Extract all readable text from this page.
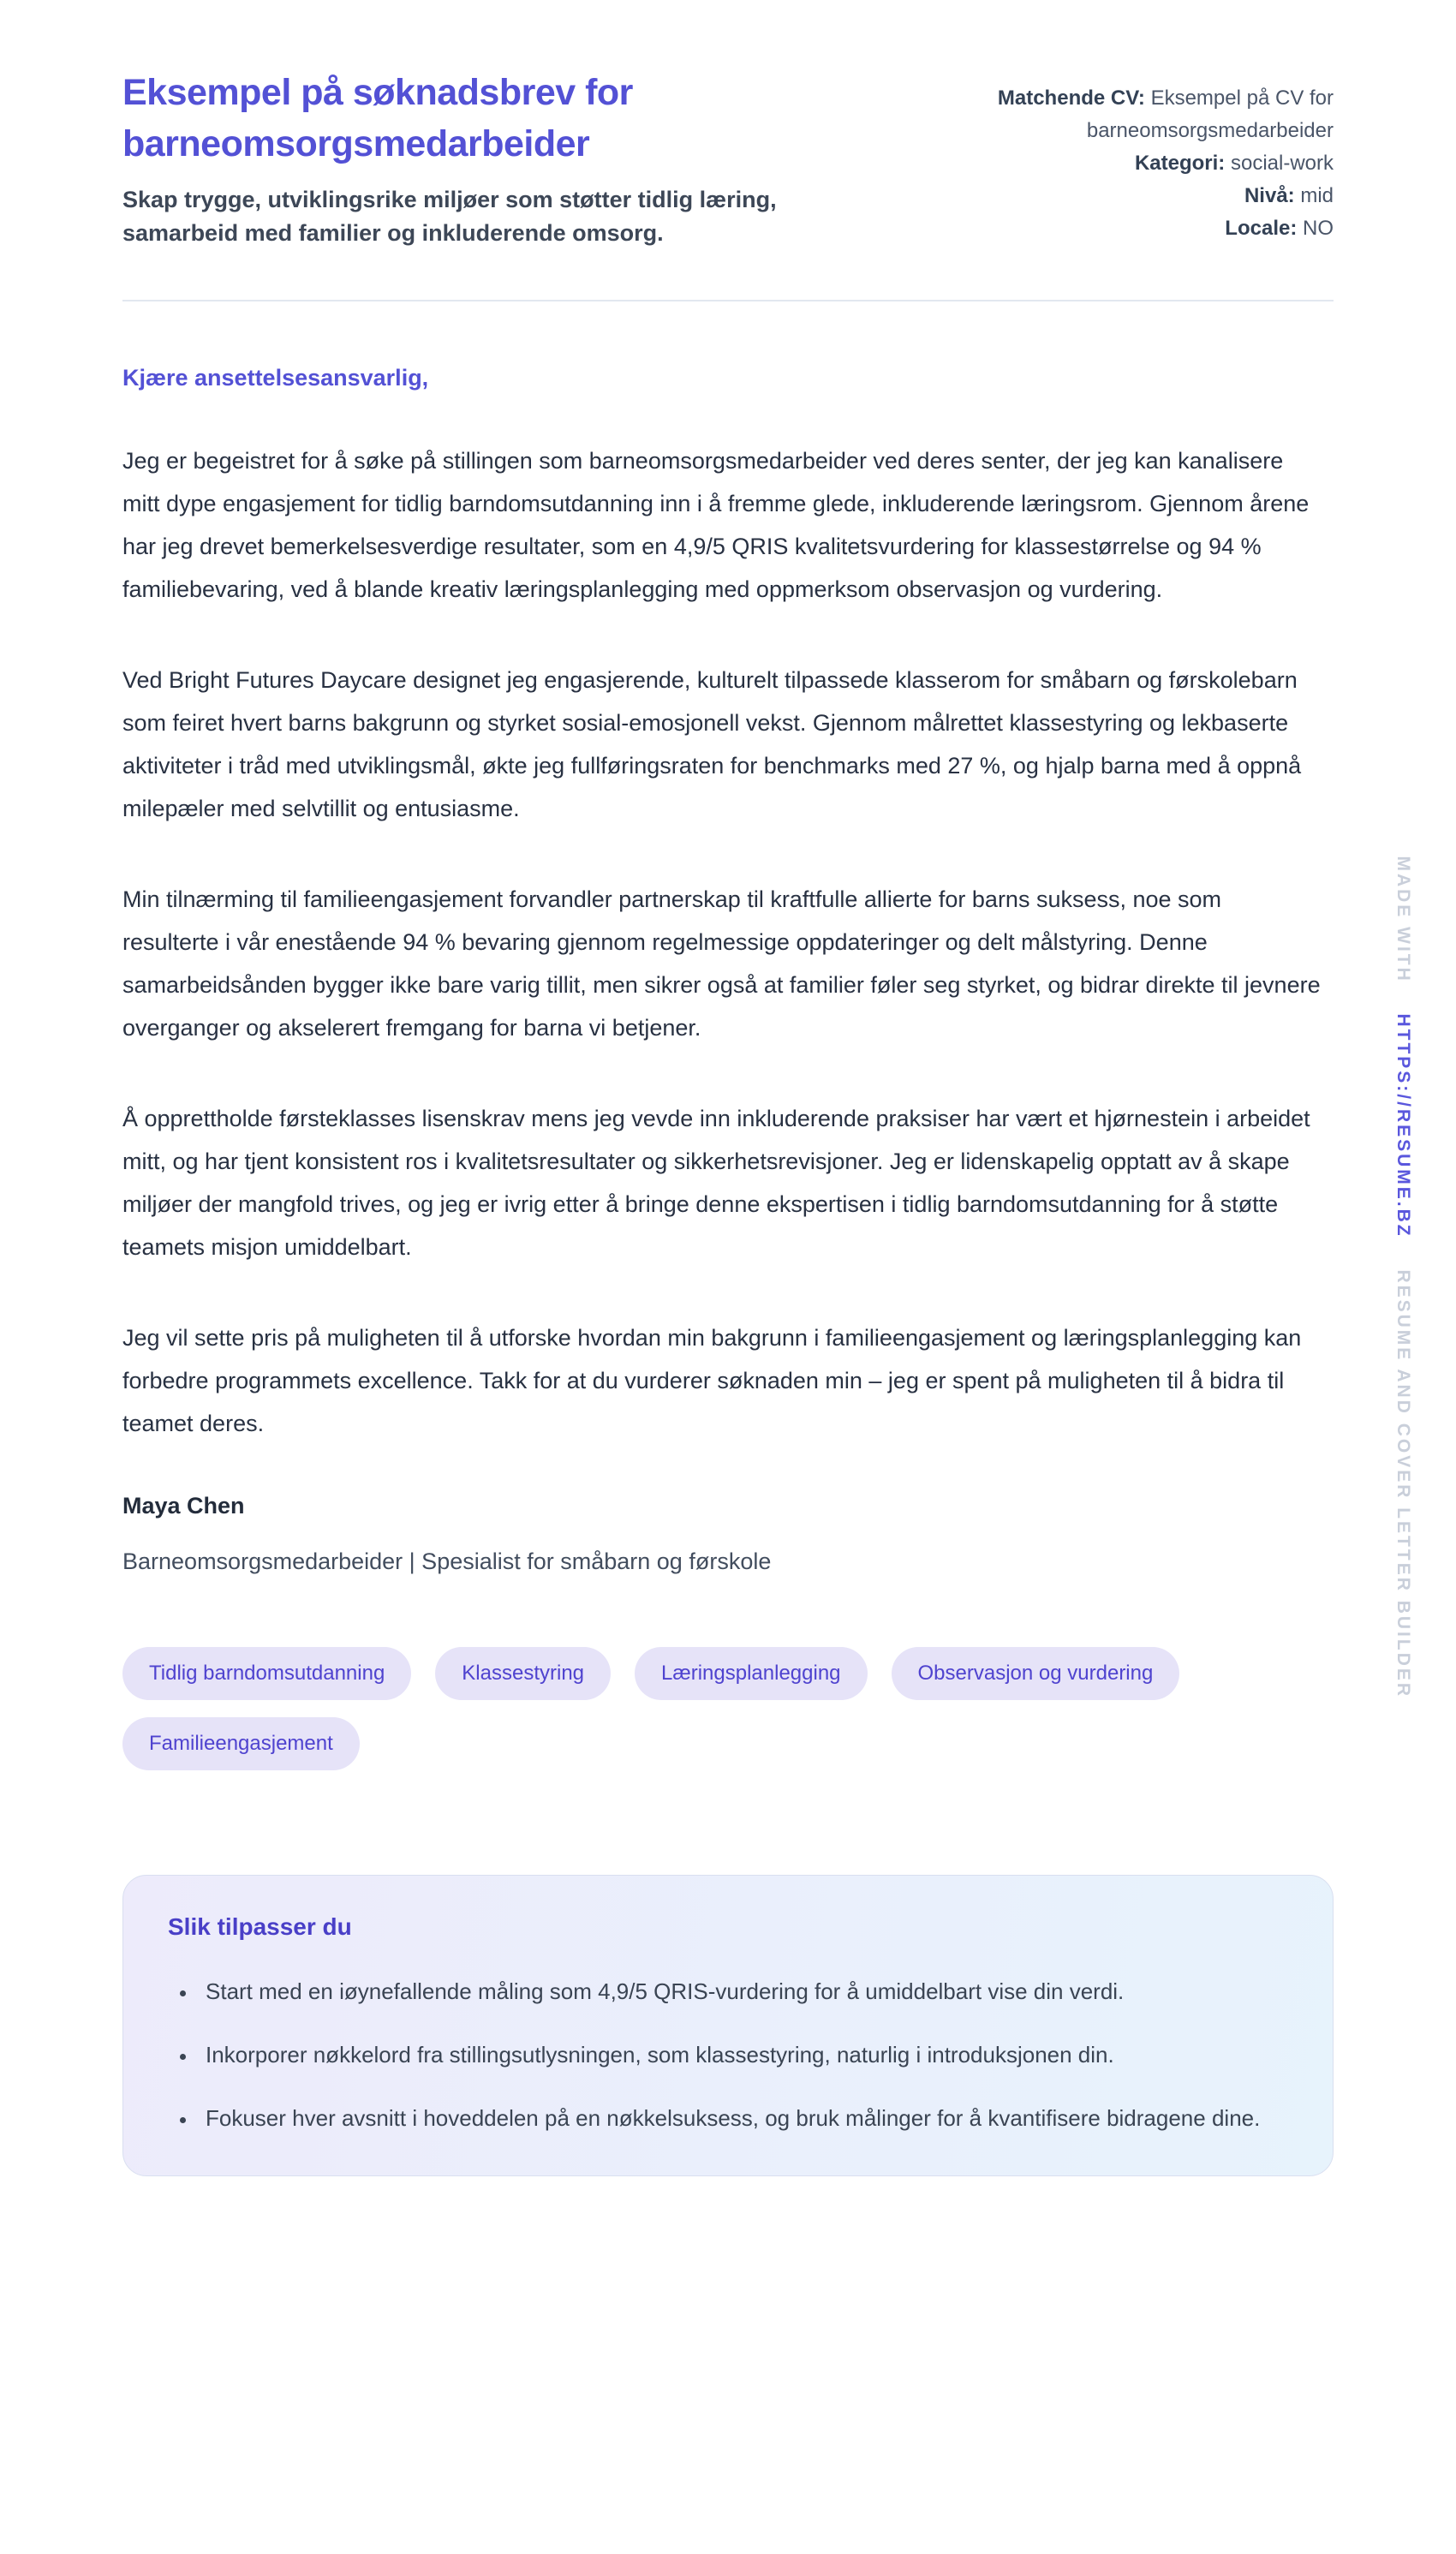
MADE WITH
HTTPS://RESUME.BZ
RESUME AND COVER LETTER BUILDER
Eksempel på søknadsbrev for barneomsorgsmedarbeider

Skap trygge, utviklingsrike miljøer som støtter tidlig læring, samarbeid med familier og inkluderende omsorg.

Matchende CV: Eksempel på CV for barneomsorgsmedarbeider
Kategori: social-work
Nivå: mid
Locale: NO

Kjære ansettelsesansvarlig,

Jeg er begeistret for å søke på stillingen som barneomsorgsmedarbeider ved deres senter, der jeg kan kanalisere mitt dype engasjement for tidlig barndomsutdanning inn i å fremme glede, inkluderende læringsrom. Gjennom årene har jeg drevet bemerkelsesverdige resultater, som en 4,9/5 QRIS kvalitetsvurdering for klassestørrelse og 94 % familiebevaring, ved å blande kreativ læringsplanlegging med oppmerksom observasjon og vurdering.

Ved Bright Futures Daycare designet jeg engasjerende, kulturelt tilpassede klasserom for småbarn og førskolebarn som feiret hvert barns bakgrunn og styrket sosial-emosjonell vekst. Gjennom målrettet klassestyring og lekbaserte aktiviteter i tråd med utviklingsmål, økte jeg fullføringsraten for benchmarks med 27 %, og hjalp barna med å oppnå milepæler med selvtillit og entusiasme.

Min tilnærming til familieengasjement forvandler partnerskap til kraftfulle allierte for barns suksess, noe som resulterte i vår enestående 94 % bevaring gjennom regelmessige oppdateringer og delt målstyring. Denne samarbeidsånden bygger ikke bare varig tillit, men sikrer også at familier føler seg styrket, og bidrar direkte til jevnere overganger og akselerert fremgang for barna vi betjener.

Å opprettholde førsteklasses lisenskrav mens jeg vevde inn inkluderende praksiser har vært et hjørnestein i arbeidet mitt, og har tjent konsistent ros i kvalitetsresultater og sikkerhetsrevisjoner. Jeg er lidenskapelig opptatt av å skape miljøer der mangfold trives, og jeg er ivrig etter å bringe denne ekspertisen i tidlig barndomsutdanning for å støtte teamets misjon umiddelbart.

Jeg vil sette pris på muligheten til å utforske hvordan min bakgrunn i familieengasjement og læringsplanlegging kan forbedre programmets excellence. Takk for at du vurderer søknaden min – jeg er spent på muligheten til å bidra til teamet deres.

Maya Chen

Barneomsorgsmedarbeider | Spesialist for småbarn og førskole

Tidlig barndomsutdanning	Klassestyring	Læringsplanlegging	Observasjon og vurdering
Familieengasjement
Slik tilpasser du
• Start med en iøynefallende måling som 4,9/5 QRIS-vurdering for å umiddelbart vise din verdi.
• Inkorporer nøkkelord fra stillingsutlysningen, som klassestyring, naturlig i introduksjonen din.
• Fokuser hver avsnitt i hoveddelen på en nøkkelsuksess, og bruk målinger for å kvantifisere bidragene dine.
